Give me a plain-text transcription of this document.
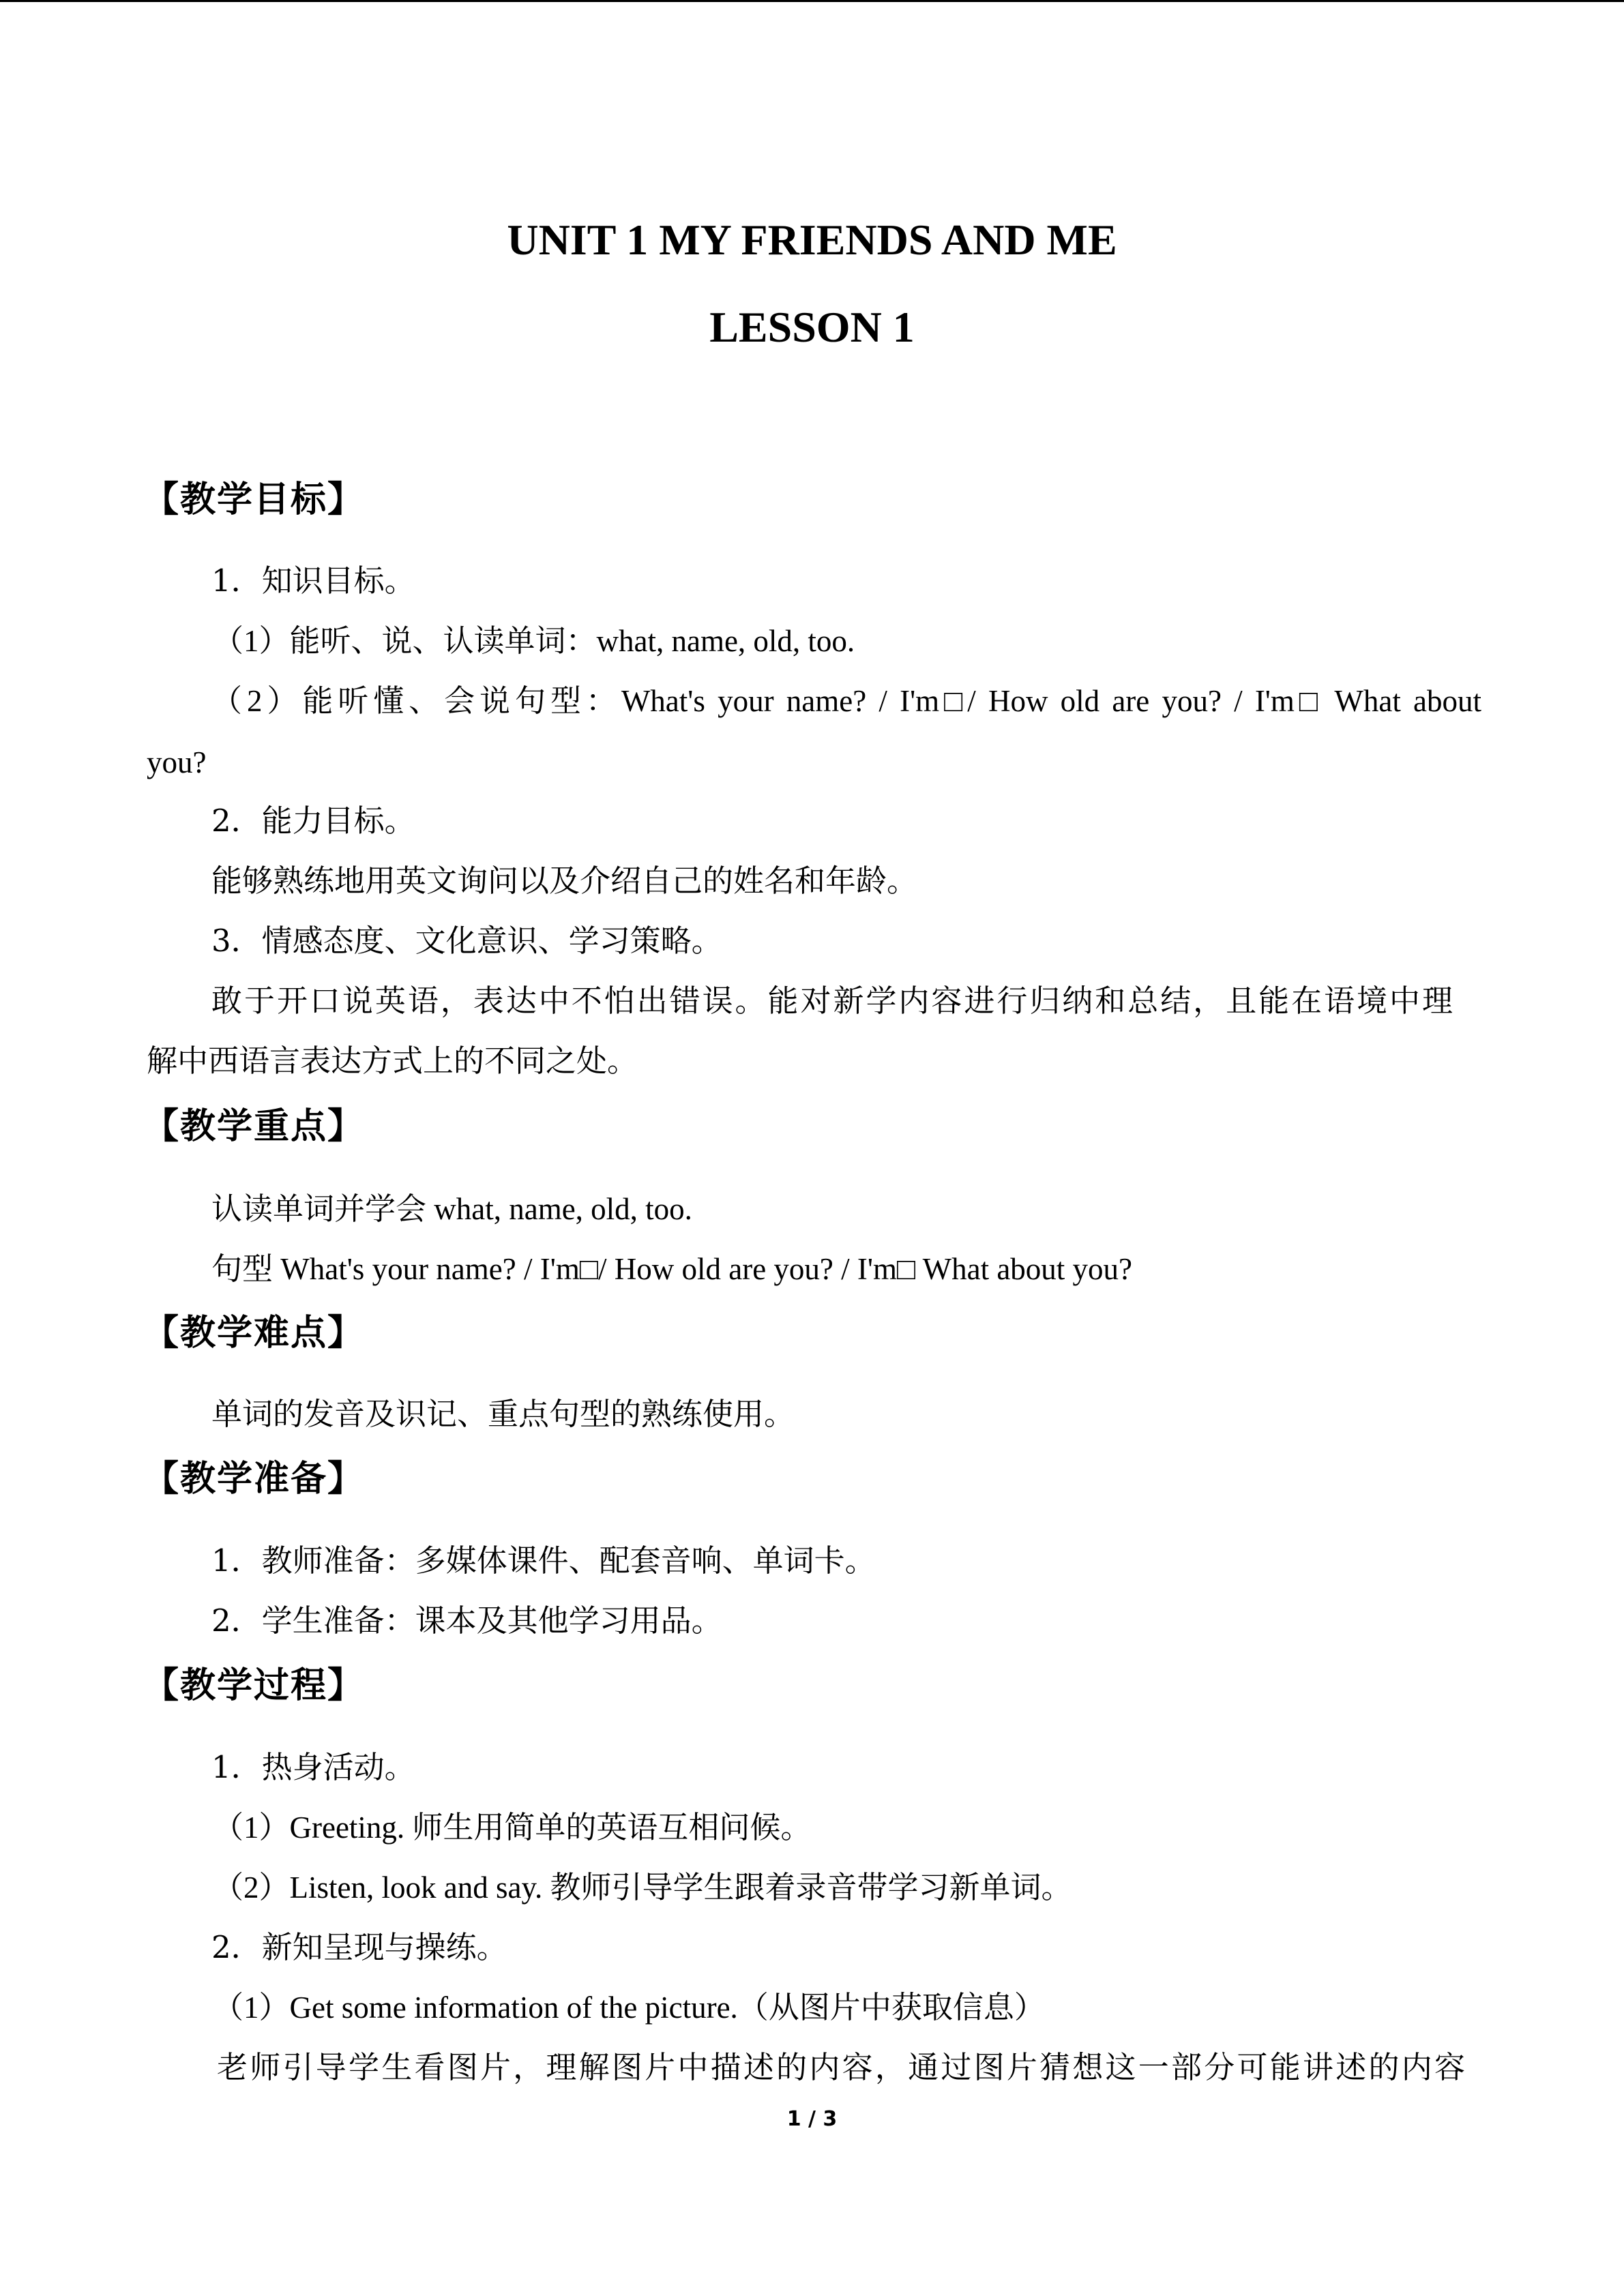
UNIT 1 MY FRIENDS AND ME
LESSON 1
【教学目标】

1．知识目标。

（1）能听、说、认读单词：what, name, old, too.

（2）能听懂、会说句型：What's your name? / I'm□/ How old are you? / I'm□ What about

you?

2．能力目标。

能够熟练地用英文询问以及介绍自己的姓名和年龄。

3．情感态度、文化意识、学习策略。

敢于开口说英语，表达中不怕出错误。能对新学内容进行归纳和总结，且能在语境中理

解中西语言表达方式上的不同之处。

【教学重点】

认读单词并学会 what, name, old, too.

句型 What's your name? / I'm□/ How old are you? / I'm□ What about you?

【教学难点】

单词的发音及识记、重点句型的熟练使用。

【教学准备】

1．教师准备：多媒体课件、配套音响、单词卡。

2．学生准备：课本及其他学习用品。

【教学过程】

1．热身活动。

（1）Greeting. 师生用简单的英语互相问候。

（2）Listen, look and say. 教师引导学生跟着录音带学习新单词。

2．新知呈现与操练。

（1）Get some information of the picture.（从图片中获取信息）

老师引导学生看图片，理解图片中描述的内容，通过图片猜想这一部分可能讲述的内容

1 / 3
